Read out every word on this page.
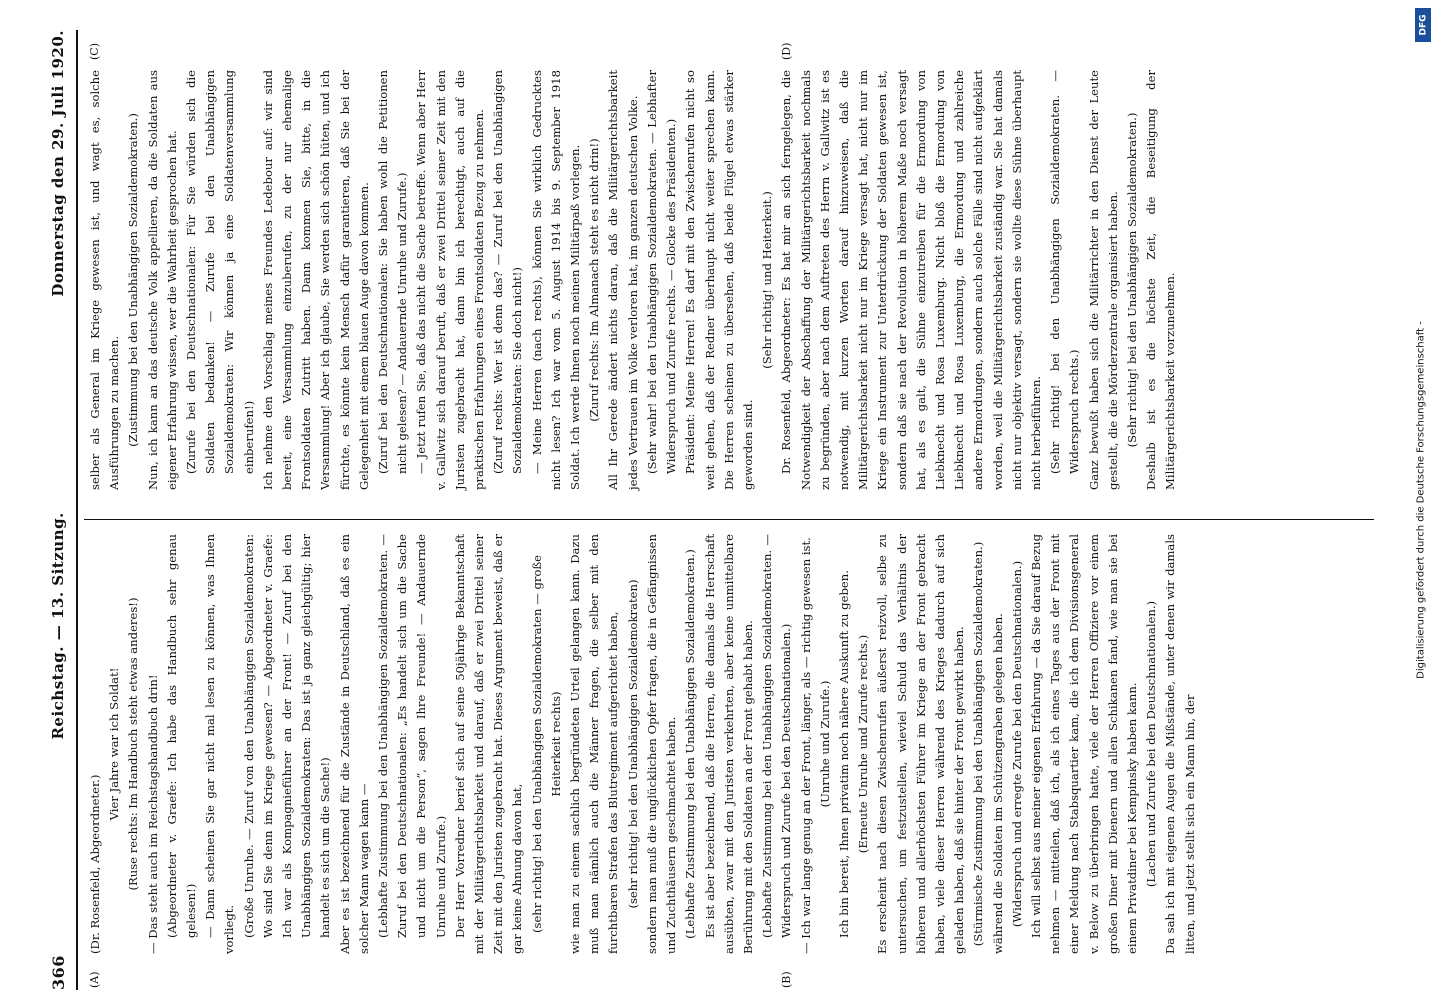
366
Reichstag. — 13. Sitzung.
Donnerstag den 29. Juli 1920.
(A)	(B)
(C)	(D)

(Dr. Rosenfeld, Abgeordneter.)

Vier Jahre war ich Soldat! (Ruse rechts: Im Handbuch steht etwas anderes!) — Das steht auch im Reichstagshandbuch drin! (Abgeordneter v. Graefe: Ich habe das Handbuch sehr genau gelesen!) — Dann scheinen Sie gar nicht mal lesen zu können, was Ihnen vorliegt. (Große Unruhe. — Zuruf von den Unabhängigen Sozialdemokraten: Wo sind Sie denn im Kriege gewesen? — Abgeordneter v. Graefe: Ich war als Kompagnieführer an der Front! — Zuruf bei den Unabhängigen Sozialdemokraten: Das ist ja ganz gleichgültig; hier handelt es sich um die Sache!) Aber es ist bezeichnend für die Zustände in Deutschland, daß es ein solcher Mann wagen kann — (Lebhafte Zustimmung bei den Unabhängigen Sozialdemokraten. — Zuruf bei den Deutschnationalen: „Es handelt sich um die Sache und nicht um die Person“, sagen Ihre Freunde! — Andauernde Unruhe und Zurufe.) Der Herr Vorredner berief sich auf seine 50jährige Bekanntschaft mit der Militärgerichtsbarkeit und darauf, daß er zwei Drittel seiner Zeit mit den Juristen zugebracht hat. Dieses Argument beweist, daß er gar keine Ahnung davon hat, (sehr richtig! bei den Unabhängigen Sozialdemokraten — große Heiterkeit rechts) wie man zu einem sachlich begründeten Urteil gelangen kann. Dazu muß man nämlich auch die Männer fragen, die selber mit den furchtbaren Strafen das Blutregiment aufgerichtet haben, (sehr richtig! bei den Unabhängigen Sozialdemokraten) sondern man muß die unglücklichen Opfer fragen, die in Gefängnissen und Zuchthäusern geschmachtet haben. (Lebhafte Zustimmung bei den Unabhängigen Sozialdemokraten.) Es ist aber bezeichnend, daß die Herren, die damals die Herrschaft ausübten, zwar mit den Juristen verkehrten, aber keine unmittelbare Berührung mit den Soldaten an der Front gehabt haben. (Lebhafte Zustimmung bei den Unabhängigen Sozialdemokraten. — Widerspruch und Zurufe bei den Deutschnationalen.) — Ich war lange genug an der Front, länger, als — richtig gewesen ist. (Unruhe und Zurufe.) Ich bin bereit, Ihnen privatim noch nähere Auskunft zu geben. (Erneute Unruhe und Zurufe rechts.) Es erscheint nach diesen Zwischenrufen äußerst reizvoll, selbe zu untersuchen, um festzustellen, wieviel Schuld das Verhältnis der höheren und allerhöchsten Führer im Kriege an der Front gebracht haben, viele dieser Herren während des Krieges dadurch auf sich geladen haben, daß sie hinter der Front gewirkt haben. (Stürmische Zustimmung bei den Unabhängigen Sozialdemokraten.) während die Soldaten im Schützengraben gelegen haben. (Widerspruch und erregte Zurufe bei den Deutschnationalen.) Ich will selbst aus meiner eigenen Erfahrung — da Sie darauf Bezug nehmen — mitteilen, daß ich, als ich eines Tages aus der Front mit einer Meldung nach Stabsquartier kam, die ich dem Divisionsgeneral v. Below zu überbringen hatte, viele der Herren Offiziere vor einem großen Diner mit Dienern und allen Schikanen fand, wie man sie bei einem Privatdiner bei Kempinsky haben kann. (Lachen und Zurufe bei den Deutschnationalen.) Da sah ich mit eigenen Augen die Mißstände, unter denen wir damals litten, und jetzt stellt sich ein Mann hin, der

selber als General im Kriege gewesen ist, und wagt es, solche Ausführungen zu machen. (Zustimmung bei den Unabhängigen Sozialdemokraten.) Nun, ich kann an das deutsche Volk appellieren, da die Soldaten aus eigener Erfahrung wissen, wer die Wahrheit gesprochen hat. (Zurufe bei den Deutschnationalen: Für Sie würden sich die Soldaten bedanken! — Zurufe bei den Unabhängigen Sozialdemokraten: Wir können ja eine Soldatenversammlung einberufen!) Ich nehme den Vorschlag meines Freundes Ledebour auf: wir sind bereit, eine Versammlung einzuberufen, zu der nur ehemalige Frontsoldaten Zutritt haben. Dann kommen Sie, bitte, in die Versammlung! Aber ich glaube, Sie werden sich schön hüten, und ich fürchte, es könnte kein Mensch dafür garantieren, daß Sie bei der Gelegenheit mit einem blauen Auge davon kommen. (Zuruf bei den Deutschnationalen: Sie haben wohl die Petitionen nicht gelesen? — Andauernde Unruhe und Zurufe.) — Jetzt rufen Sie, daß das nicht die Sache betreffe. Wenn aber Herr v. Gallwitz sich darauf beruft, daß er zwei Drittel seiner Zeit mit den Juristen zugebracht hat, dann bin ich berechtigt, auch auf die praktischen Erfahrungen eines Frontsoldaten Bezug zu nehmen. (Zuruf rechts: Wer ist denn das? — Zuruf bei den Unabhängigen Sozialdemokraten: Sie doch nicht!) — Meine Herren (nach rechts), können Sie wirklich Gedrucktes nicht lesen? Ich war vom 5. August 1914 bis 9. September 1918 Soldat. Ich werde Ihnen noch meinen Militärpaß vorlegen. (Zuruf rechts: Im Almanach steht es nicht drin!) All Ihr Gerede ändert nichts daran, daß die Militärgerichtsbarkeit jedes Vertrauen im Volke verloren hat, im ganzen deutschen Volke. (Sehr wahr! bei den Unabhängigen Sozialdemokraten. — Lebhafter Widerspruch und Zurufe rechts. — Glocke des Präsidenten.) Präsident: Meine Herren! Es darf mit den Zwischenrufen nicht so weit gehen, daß der Redner überhaupt nicht weiter sprechen kann. Die Herren scheinen zu übersehen, daß beide Flügel etwas stärker geworden sind.

(Sehr richtig! und Heiterkeit.) Dr. Rosenfeld, Abgeordneter: Es hat mir an sich ferngelegen, die Notwendigkeit der Abschaffung der Militärgerichtsbarkeit nochmals zu begründen, aber nach dem Auftreten des Herrn v. Gallwitz ist es notwendig, mit kurzen Worten darauf hinzuweisen, daß die Militärgerichtsbarkeit nicht nur im Kriege versagt hat, nicht nur im Kriege ein Instrument zur Unterdrückung der Soldaten gewesen ist, sondern daß sie nach der Revolution in höherem Maße noch versagt hat, als es galt, die Sühne einzutreiben für die Ermordung von Liebknecht und Rosa Luxemburg. Nicht bloß die Ermordung von Liebknecht und Rosa Luxemburg, die Ermordung und zahlreiche andere Ermordungen, sondern auch solche Fälle sind nicht aufgeklärt worden, weil die Militärgerichtsbarkeit zuständig war. Sie hat damals nicht nur objektiv versagt, sondern sie wollte diese Sühne überhaupt nicht herbeiführen. (Sehr richtig! bei den Unabhängigen Sozialdemokraten. — Widerspruch rechts.) Ganz bewußt haben sich die Militärrichter in den Dienst der Leute gestellt, die die Mörderzentrale organisiert haben. (Sehr richtig! bei den Unabhängigen Sozialdemokraten.) Deshalb ist es die höchste Zeit, die Beseitigung der Militärgerichtsbarkeit vorzunehmen.	Digitalisierung gefördert durch die Deutsche Forschungsgemeinschaft -
DFG
